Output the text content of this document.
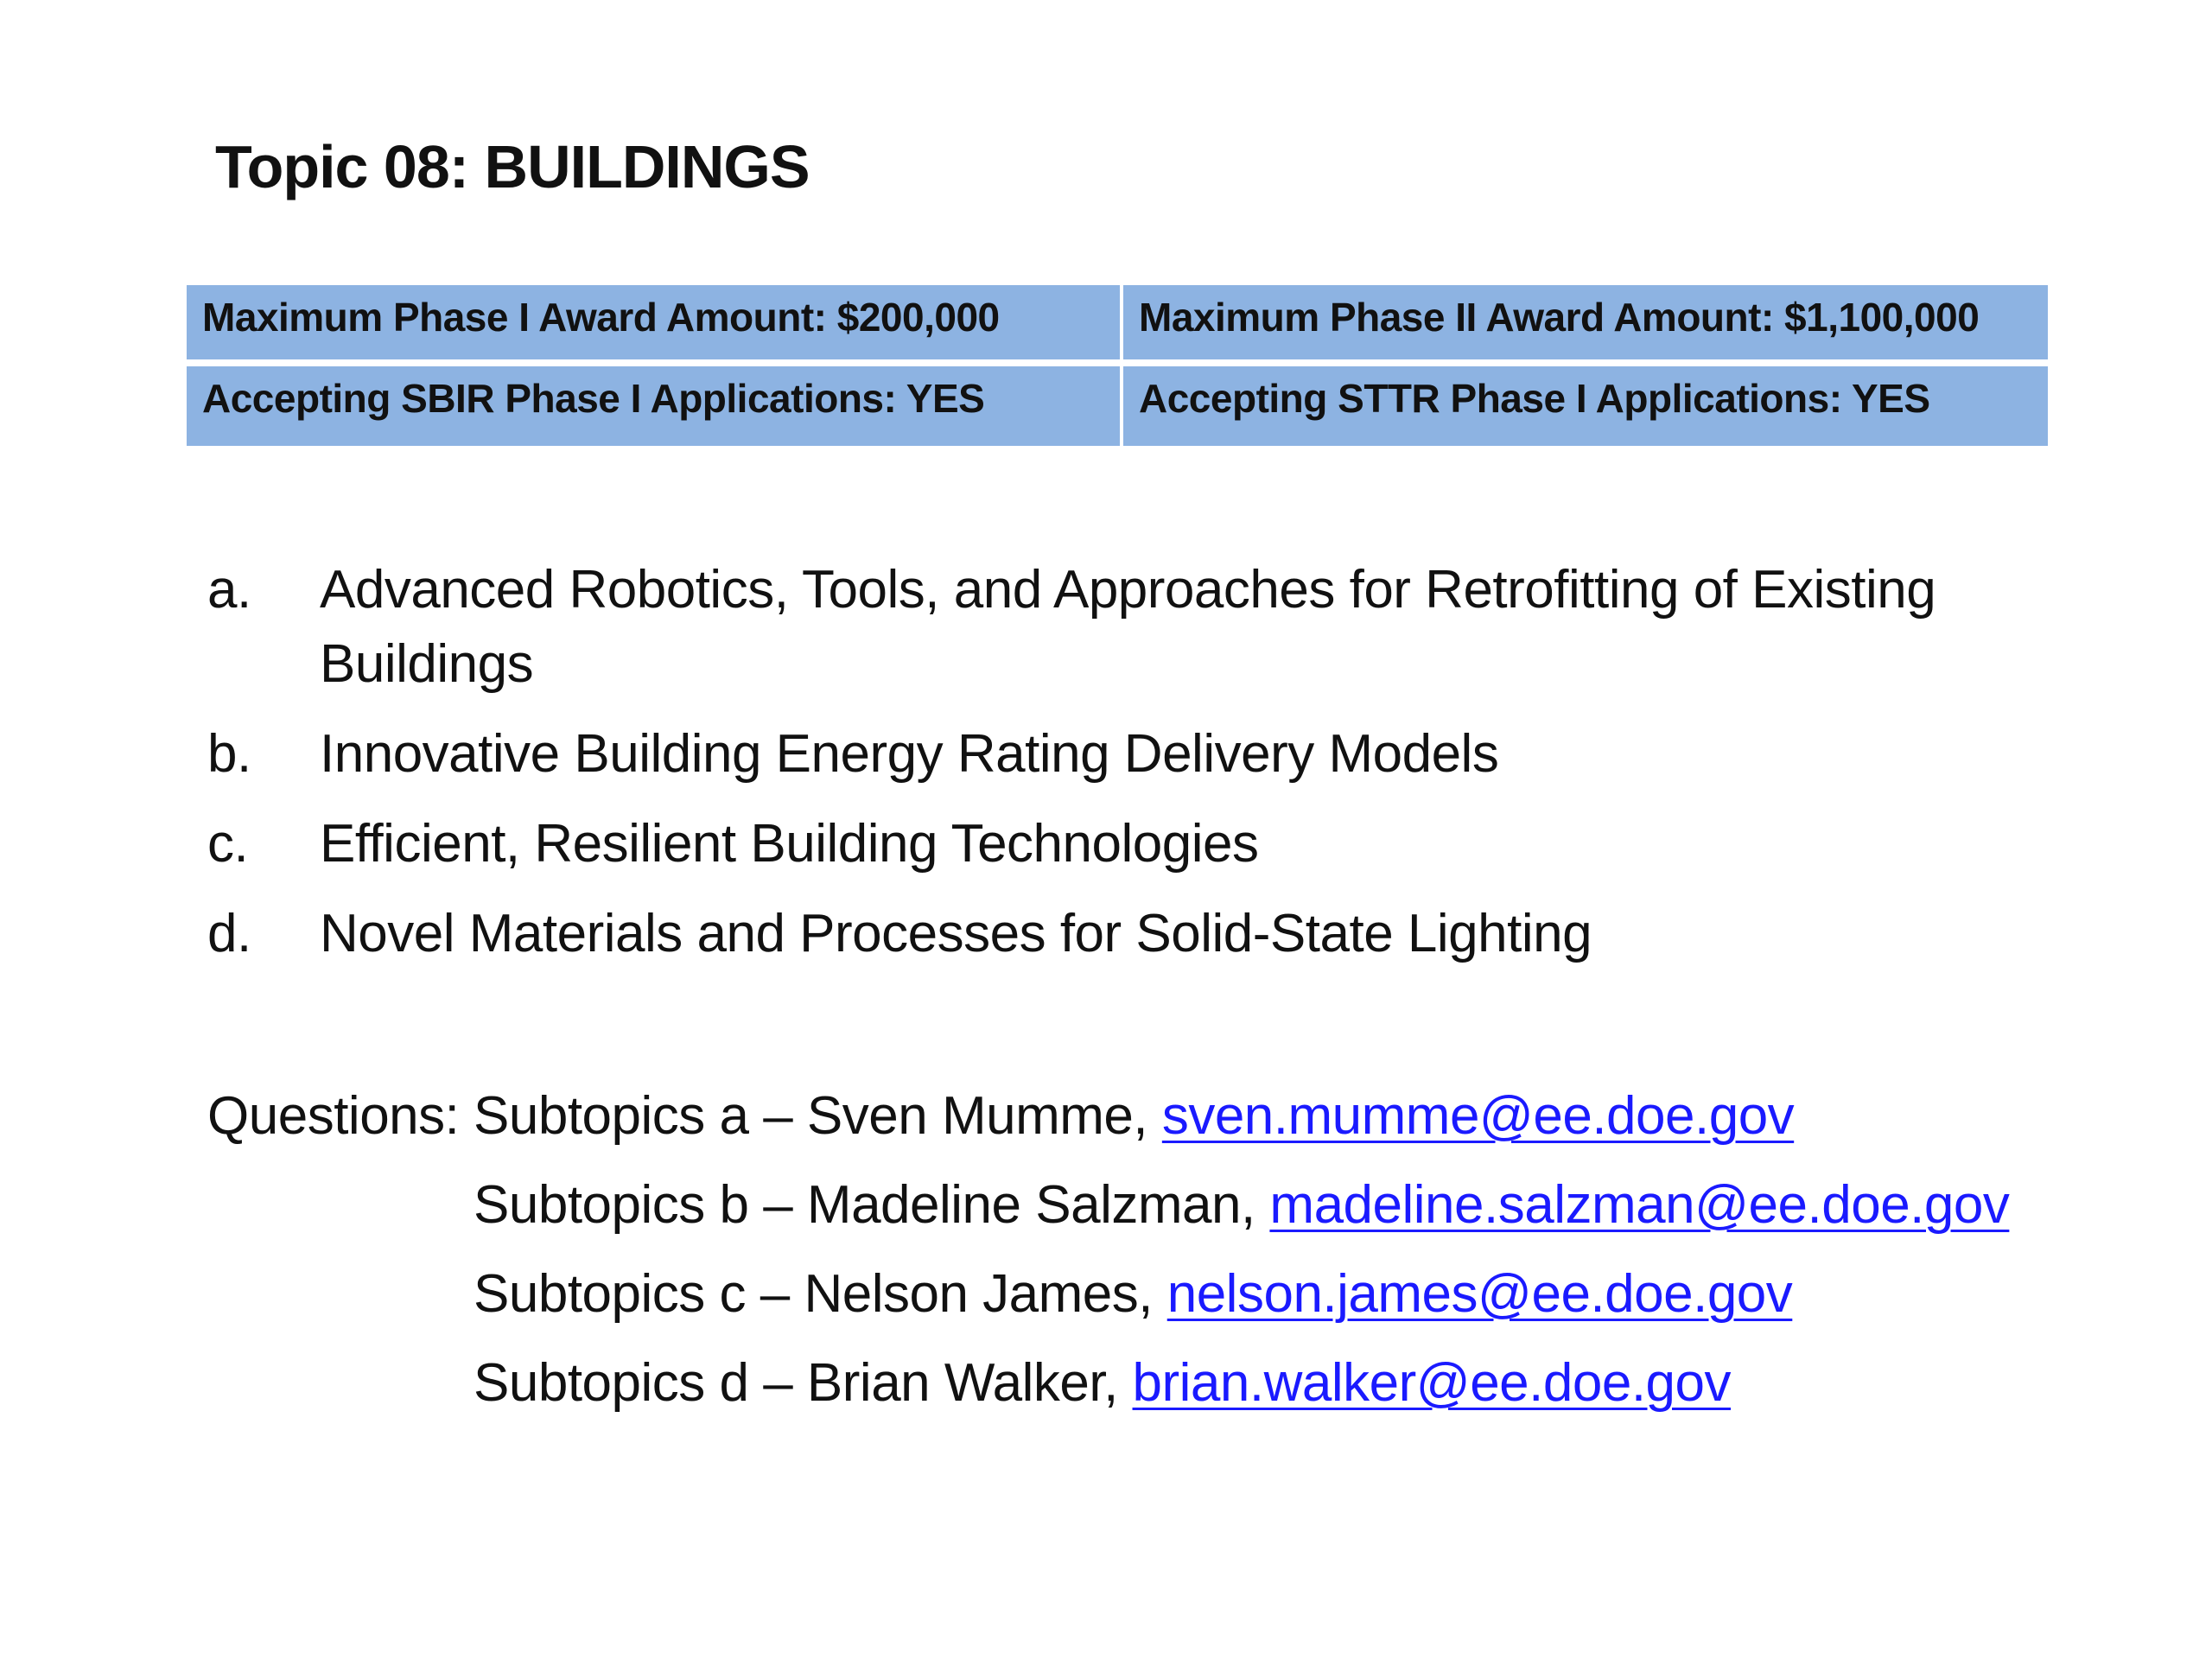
Topic 08: BUILDINGS
Maximum Phase I Award Amount: $200,000	Maximum Phase II Award Amount: $1,100,000
Accepting SBIR Phase I Applications: YES	Accepting STTR Phase I Applications: YES
a. Advanced Robotics, Tools, and Approaches for Retrofitting of Existing Buildings
b. Innovative Building Energy Rating Delivery Models
c. Efficient, Resilient Building Technologies
d. Novel Materials and Processes for Solid-State Lighting
Questions: Subtopics a – Sven Mumme, sven.mumme@ee.doe.gov
Subtopics b – Madeline Salzman, madeline.salzman@ee.doe.gov
Subtopics c – Nelson James, nelson.james@ee.doe.gov
Subtopics d – Brian Walker, brian.walker@ee.doe.gov
